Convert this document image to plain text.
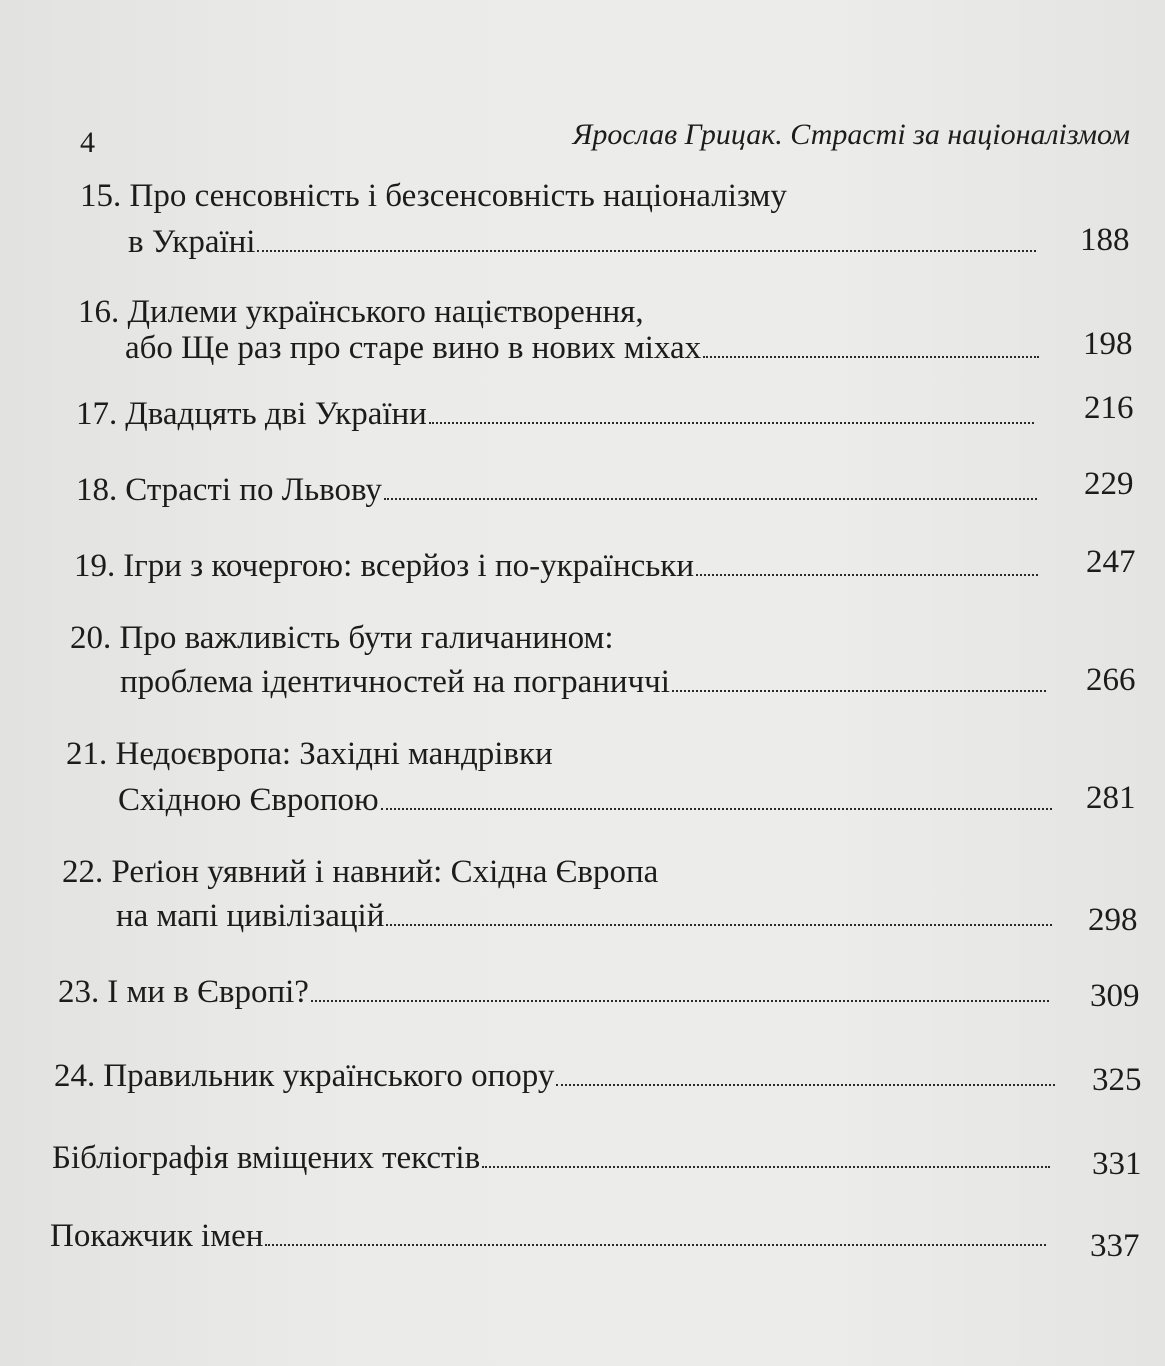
4	Ярослав Грицак. Страсті за націоналізмом
15. Про сенсовність і безсенсовність націоналізму
в Україні	188
16. Дилеми українського націєтворення,
або Ще раз про старе вино в нових міхах	198
17. Двадцять дві України	216
18. Страсті по Львову	229
19. Ігри з кочергою: всерйоз і по-українськи	247
20. Про важливість бути галичанином:
проблема ідентичностей на пограниччі	266
21. Недоєвропа: Західні мандрівки
Східною Європою	281
22. Реґіон уявний і навний: Східна Європа
на мапі цивілізацій	298
23. І ми в Європі?	309
24. Правильник українського опору	325
Бібліографія вміщених текстів	331
Покажчик імен	337
